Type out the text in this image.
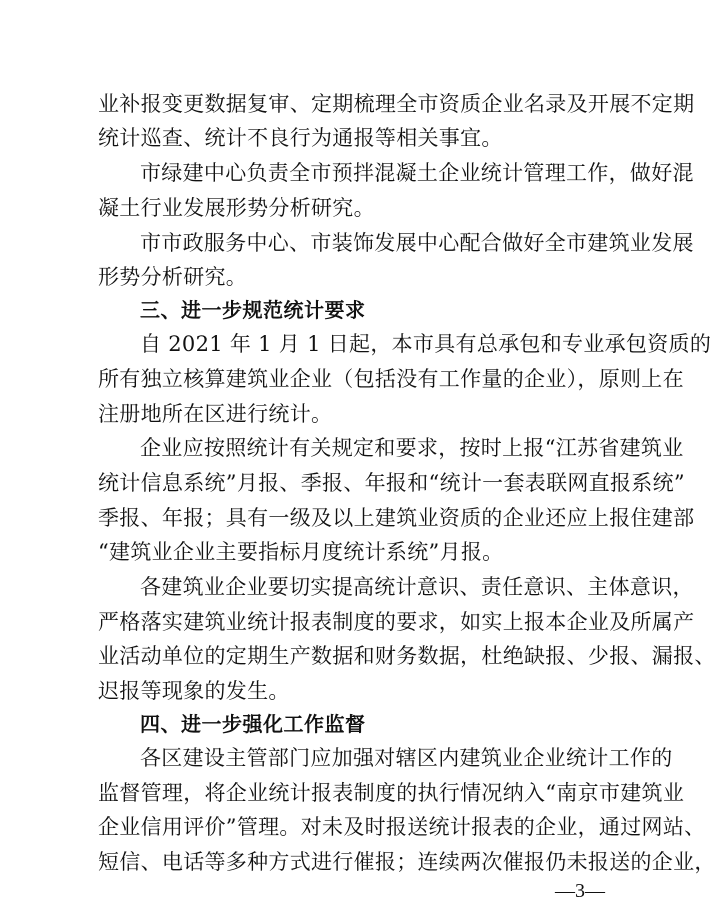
业补报变更数据复审、定期梳理全市资质企业名录及开展不定期
统计巡查、统计不良行为通报等相关事宜。
市绿建中心负责全市预拌混凝土企业统计管理工作，做好混
凝土行业发展形势分析研究。
市市政服务中心、市装饰发展中心配合做好全市建筑业发展
形势分析研究。
三、进一步规范统计要求
自 2021 年 1 月 1 日起，本市具有总承包和专业承包资质的
所有独立核算建筑业企业（包括没有工作量的企业），原则上在
注册地所在区进行统计。
企业应按照统计有关规定和要求，按时上报“江苏省建筑业
统计信息系统”月报、季报、年报和“统计一套表联网直报系统”
季报、年报；具有一级及以上建筑业资质的企业还应上报住建部
“建筑业企业主要指标月度统计系统”月报。
各建筑业企业要切实提高统计意识、责任意识、主体意识，
严格落实建筑业统计报表制度的要求，如实上报本企业及所属产
业活动单位的定期生产数据和财务数据，杜绝缺报、少报、漏报、
迟报等现象的发生。
四、进一步强化工作监督
各区建设主管部门应加强对辖区内建筑业企业统计工作的
监督管理，将企业统计报表制度的执行情况纳入“南京市建筑业
企业信用评价”管理。对未及时报送统计报表的企业，通过网站、
短信、电话等多种方式进行催报；连续两次催报仍未报送的企业，
—3—
